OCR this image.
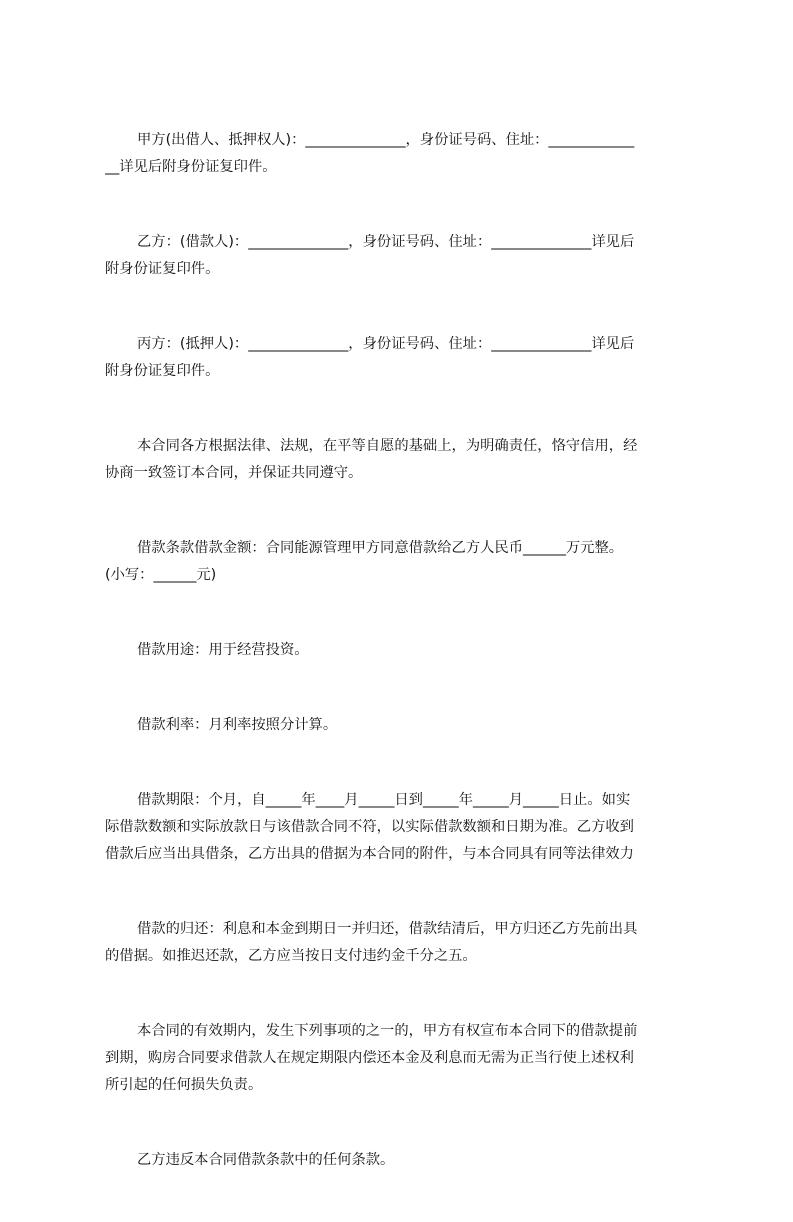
甲方(出借人、抵押权人)：______________，身份证号码、住址：____________
__详见后附身份证复印件。
乙方：(借款人)：______________，身份证号码、住址：______________详见后
附身份证复印件。
丙方：(抵押人)：______________，身份证号码、住址：______________详见后
附身份证复印件。
本合同各方根据法律、法规，在平等自愿的基础上，为明确责任，恪守信用，经
协商一致签订本合同，并保证共同遵守。
借款条款借款金额：合同能源管理甲方同意借款给乙方人民币______万元整。
(小写：______元)
借款用途：用于经营投资。
借款利率：月利率按照分计算。
借款期限：个月，自_____年____月_____日到_____年_____月_____日止。如实
际借款数额和实际放款日与该借款合同不符，以实际借款数额和日期为准。乙方收到
借款后应当出具借条，乙方出具的借据为本合同的附件，与本合同具有同等法律效力
借款的归还：利息和本金到期日一并归还，借款结清后，甲方归还乙方先前出具
的借据。如推迟还款，乙方应当按日支付违约金千分之五。
本合同的有效期内，发生下列事项的之一的，甲方有权宣布本合同下的借款提前
到期，购房合同要求借款人在规定期限内偿还本金及利息而无需为正当行使上述权利
所引起的任何损失负责。
乙方违反本合同借款条款中的任何条款。
